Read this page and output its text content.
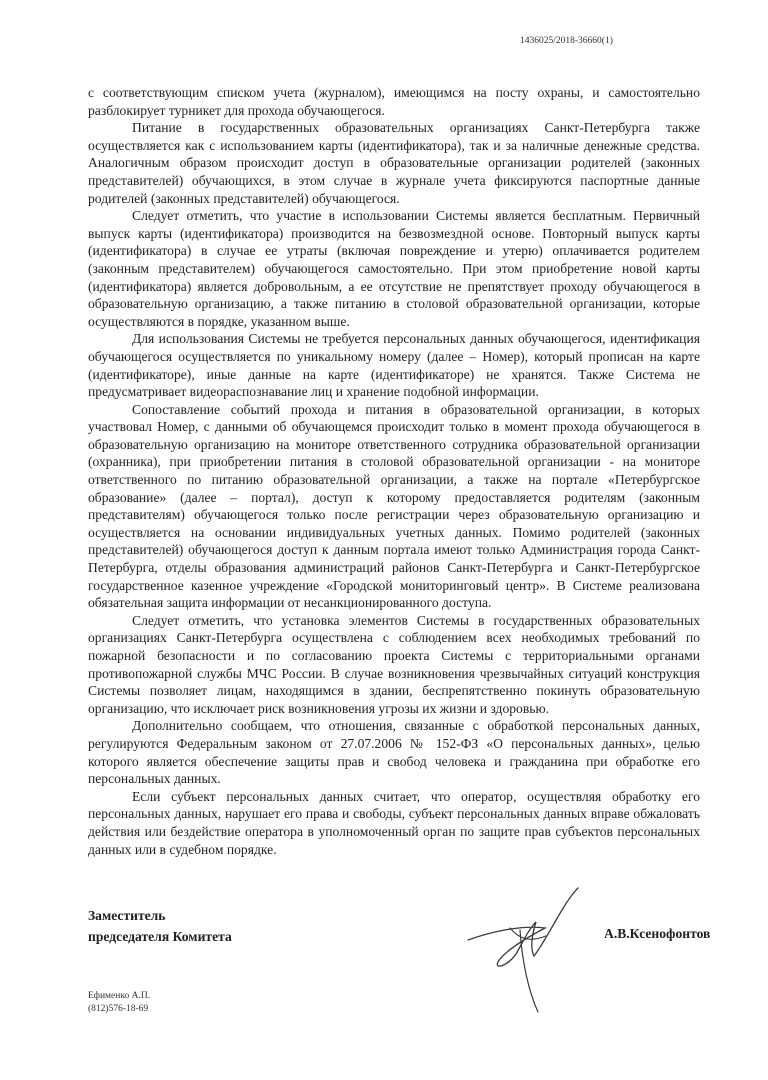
1436025/2018-36660(1)

с соответствующим списком учета (журналом), имеющимся на посту охраны, и самостоятельно разблокирует турникет для прохода обучающегося.

Питание в государственных образовательных организациях Санкт-Петербурга также осуществляется как с использованием карты (идентификатора), так и за наличные денежные средства. Аналогичным образом происходит доступ в образовательные организации родителей (законных представителей) обучающихся, в этом случае в журнале учета фиксируются паспортные данные родителей (законных представителей) обучающегося.

Следует отметить, что участие в использовании Системы является бесплатным. Первичный выпуск карты (идентификатора) производится на безвозмездной основе. Повторный выпуск карты (идентификатора) в случае ее утраты (включая повреждение и утерю) оплачивается родителем (законным представителем) обучающегося самостоятельно. При этом приобретение новой карты (идентификатора) является добровольным, а ее отсутствие не препятствует проходу обучающегося в образовательную организацию, а также питанию в столовой образовательной организации, которые осуществляются в порядке, указанном выше.

Для использования Системы не требуется персональных данных обучающегося, идентификация обучающегося осуществляется по уникальному номеру (далее – Номер), который прописан на карте (идентификаторе), иные данные на карте (идентификаторе) не хранятся. Также Система не предусматривает видеораспознавание лиц и хранение подобной информации.

Сопоставление событий прохода и питания в образовательной организации, в которых участвовал Номер, с данными об обучающемся происходит только в момент прохода обучающегося в образовательную организацию на мониторе ответственного сотрудника образовательной организации (охранника), при приобретении питания в столовой образовательной организации - на мониторе ответственного по питанию образовательной организации, а также на портале «Петербургское образование» (далее – портал), доступ к которому предоставляется родителям (законным представителям) обучающегося только после регистрации через образовательную организацию и осуществляется на основании индивидуальных учетных данных. Помимо родителей (законных представителей) обучающегося доступ к данным портала имеют только Администрация города Санкт-Петербурга, отделы образования администраций районов Санкт-Петербурга и Санкт-Петербургское государственное казенное учреждение «Городской мониторинговый центр». В Системе реализована обязательная защита информации от несанкционированного доступа.

Следует отметить, что установка элементов Системы в государственных образовательных организациях Санкт-Петербурга осуществлена с соблюдением всех необходимых требований по пожарной безопасности и по согласованию проекта Системы с территориальными органами противопожарной службы МЧС России. В случае возникновения чрезвычайных ситуаций конструкция Системы позволяет лицам, находящимся в здании, беспрепятственно покинуть образовательную организацию, что исключает риск возникновения угрозы их жизни и здоровью.

Дополнительно сообщаем, что отношения, связанные с обработкой персональных данных, регулируются Федеральным законом от 27.07.2006 № 152-ФЗ «О персональных данных», целью которого является обеспечение защиты прав и свобод человека и гражданина при обработке его персональных данных.

Если субъект персональных данных считает, что оператор, осуществляя обработку его персональных данных, нарушает его права и свободы, субъект персональных данных вправе обжаловать действия или бездействие оператора в уполномоченный орган по защите прав субъектов персональных данных или в судебном порядке.

Заместитель
председателя Комитета	А.В.Ксенофонтов
Ефименко А.П.
(812)576-18-69
